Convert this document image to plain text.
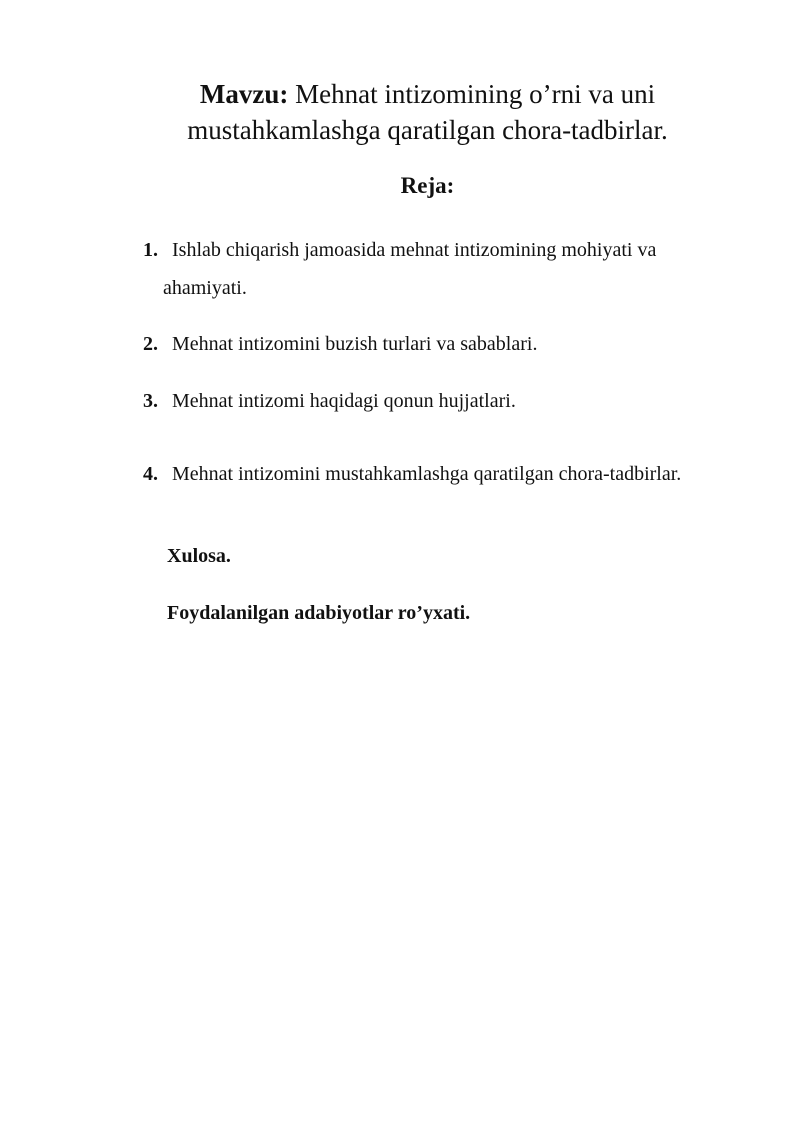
Mavzu: Mehnat intizomining o’rni va uni mustahkamlashga qaratilgan chora-tadbirlar.
Reja:
1. Ishlab chiqarish jamoasida mehnat intizomining mohiyati va
ahamiyati.
2. Mehnat intizomini buzish turlari va sabablari.
3. Mehnat intizomi haqidagi qonun hujjatlari.
4. Mehnat intizomini mustahkamlashga qaratilgan chora-tadbirlar.
Xulosa.
Foydalanilgan adabiyotlar ro’yxati.
